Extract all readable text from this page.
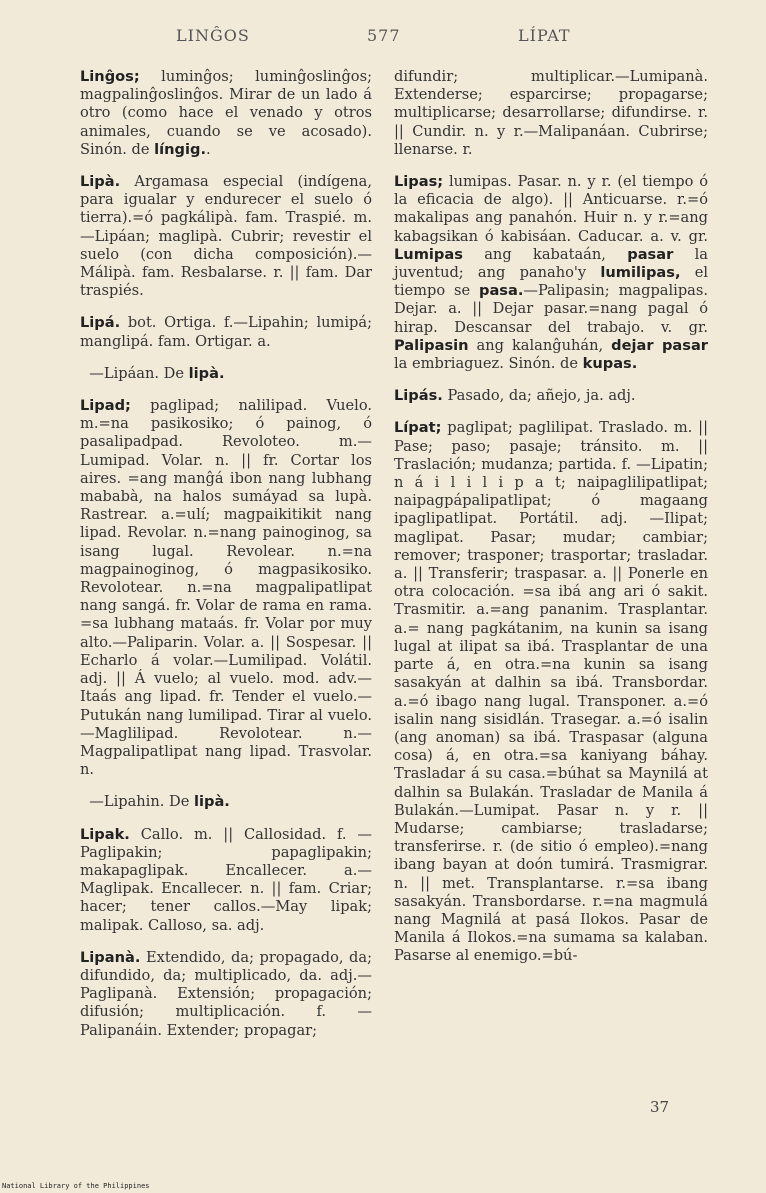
LINĜOS	577	LÍPAT

Linĝos; luminĝos; luminĝoslinĝos; magpalinĝoslinĝos. Mirar de un lado á otro (como hace el venado y otros animales, cuando se ve acosado). Sinón. de língig..

Lipà. Argamasa especial (indígena, para igualar y endurecer el suelo ó tierra).=ó pagkálipà. fam. Traspié. m.—Lipáan; maglipà. Cubrir; revestir el suelo (con dicha composición).—Málipà. fam. Resbalarse. r. || fam. Dar traspiés.

Lipá. bot. Ortiga. f.—Lipahin; lumipá; manglipá. fam. Ortigar. a.

—Lipáan. De lipà.

Lipad; paglipad; nalilipad. Vuelo. m.=na pasikosiko; ó painog, ó pasalipadpad. Revoloteo. m.—Lumipad. Volar. n. || fr. Cortar los aires. =ang manĝá ibon nang lubhang mababà, na halos sumáyad sa lupà. Rastrear. a.=ulí; magpaikitikit nang lipad. Revolar. n.=nang painoginog, sa isang lugal. Revolear. n.=na magpainoginog, ó magpasikosiko. Revolotear. n.=na magpalipatlipat nang sangá. fr. Volar de rama en rama. =sa lubhang mataás. fr. Volar por muy alto.—Paliparin. Volar. a. || Sospesar. || Echarlo á volar.—Lumilipad. Volátil. adj. || Á vuelo; al vuelo. mod. adv.—Itaás ang lipad. fr. Tender el vuelo.—Putukán nang lumilipad. Tirar al vuelo.—Maglilipad. Revolotear. n.—Magpalipatlipat nang lipad. Trasvolar. n.

—Lipahin. De lipà.

Lipak. Callo. m. || Callosidad. f. —Paglipakin; papaglipakin; makapaglipak. Encallecer. a.—Maglipak. Encallecer. n. || fam. Criar; hacer; tener callos.—May lipak; malipak. Calloso, sa. adj.

Lipanà. Extendido, da; propagado, da; difundido, da; multiplicado, da. adj.—Paglipanà. Extensión; propagación; difusión; multiplicación. f. —Palipanáin. Extender; propagar;

difundir; multiplicar.—Lumipanà. Extenderse; esparcirse; propagarse; multiplicarse; desarrollarse; difundirse. r. || Cundir. n. y r.—Malipanáan. Cubrirse; llenarse. r.

Lipas; lumipas. Pasar. n. y r. (el tiempo ó la eficacia de algo). || Anticuarse. r.=ó makalipas ang panahón. Huir n. y r.=ang kabagsikan ó kabisáan. Caducar. a. v. gr. Lumipas ang kabataán, pasar la juventud; ang panaho'y lumilipas, el tiempo se pasa.—Palipasin; magpalipas. Dejar. a. || Dejar pasar.=nang pagal ó hirap. Descansar del trabajo. v. gr. Palipasin ang kalanĝuhán, dejar pasar la embriaguez. Sinón. de kupas.

Lipás. Pasado, da; añejo, ja. adj.

Lípat; paglipat; paglilipat. Traslado. m. || Pase; paso; pasaje; tránsito. m. || Traslación; mudanza; partida. f. —Lipatin; n á i l i l i p a t; naipaglilipatlipat; naipagpápalipatlipat; ó magaang ipaglipatlipat. Portátil. adj. —Ilipat; maglipat. Pasar; mudar; cambiar; remover; trasponer; trasportar; trasladar. a. || Transferir; traspasar. a. || Ponerle en otra colocación. =sa ibá ang ari ó sakit. Trasmitir. a.=ang pananim. Trasplantar. a.= nang pagkátanim, na kunin sa isang lugal at ilipat sa ibá. Trasplantar de una parte á, en otra.=na kunin sa isang sasakyán at dalhin sa ibá. Transbordar. a.=ó ibago nang lugal. Transponer. a.=ó isalin nang sisidlán. Trasegar. a.=ó isalin (ang anoman) sa ibá. Traspasar (alguna cosa) á, en otra.=sa kaniyang báhay. Trasladar á su casa.=búhat sa Maynilá at dalhin sa Bulakán. Trasladar de Manila á Bulakán.—Lumipat. Pasar n. y r. || Mudarse; cambiarse; trasladarse; transferirse. r. (de sitio ó empleo).=nang ibang bayan at doón tumirá. Trasmigrar. n. || met. Transplantarse. r.=sa ibang sasakyán. Transbordarse. r.=na magmulá nang Magnilá at pasá Ilokos. Pasar de Manila á Ilokos.=na sumama sa kalaban. Pasarse al enemigo.=bú-

37
National Library of the Philippines
